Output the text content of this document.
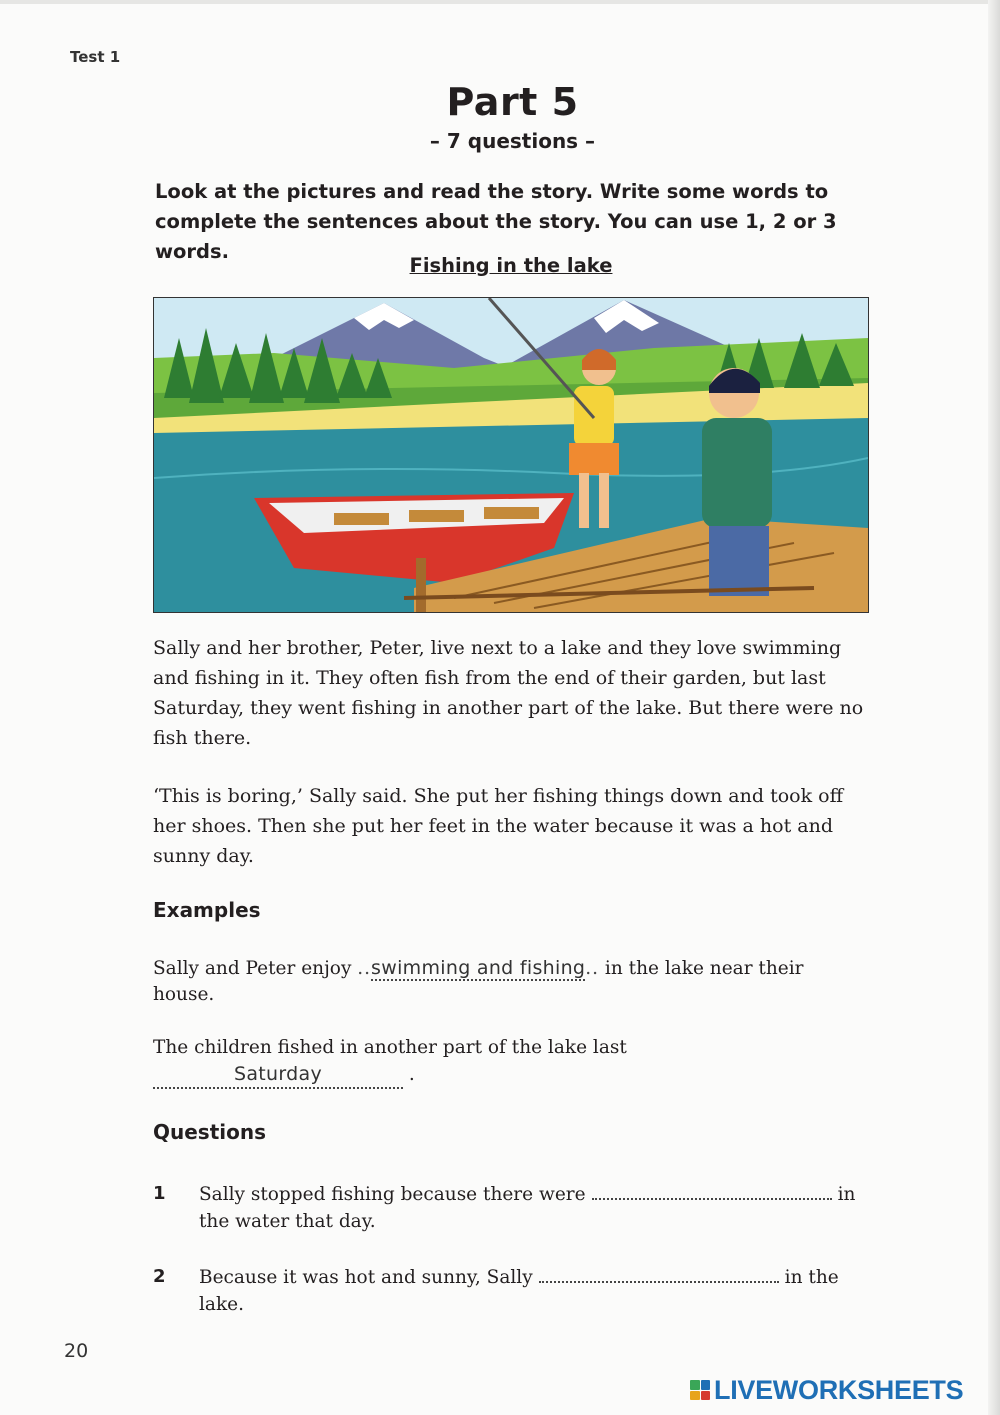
Test 1
Part 5
– 7 questions –
Look at the pictures and read the story. Write some words to complete the sentences about the story. You can use 1, 2 or 3 words.
Fishing in the lake
Sally and her brother, Peter, live next to a lake and they love swimming and fishing in it. They often fish from the end of their garden, but last Saturday, they went fishing in another part of the lake. But there were no fish there.
‘This is boring,’ Sally said. She put her fishing things down and took off her shoes. Then she put her feet in the water because it was a hot and sunny day.
Examples
Sally and Peter enjoy ..swimming and fishing.. in the lake near their house.
The children fished in another part of the lake last Saturday	.
Questions
1 Sally stopped fishing because there were	in the water that day.
2 Because it was hot and sunny, Sally	in the lake.
20
LIVEWORKSHEETS
